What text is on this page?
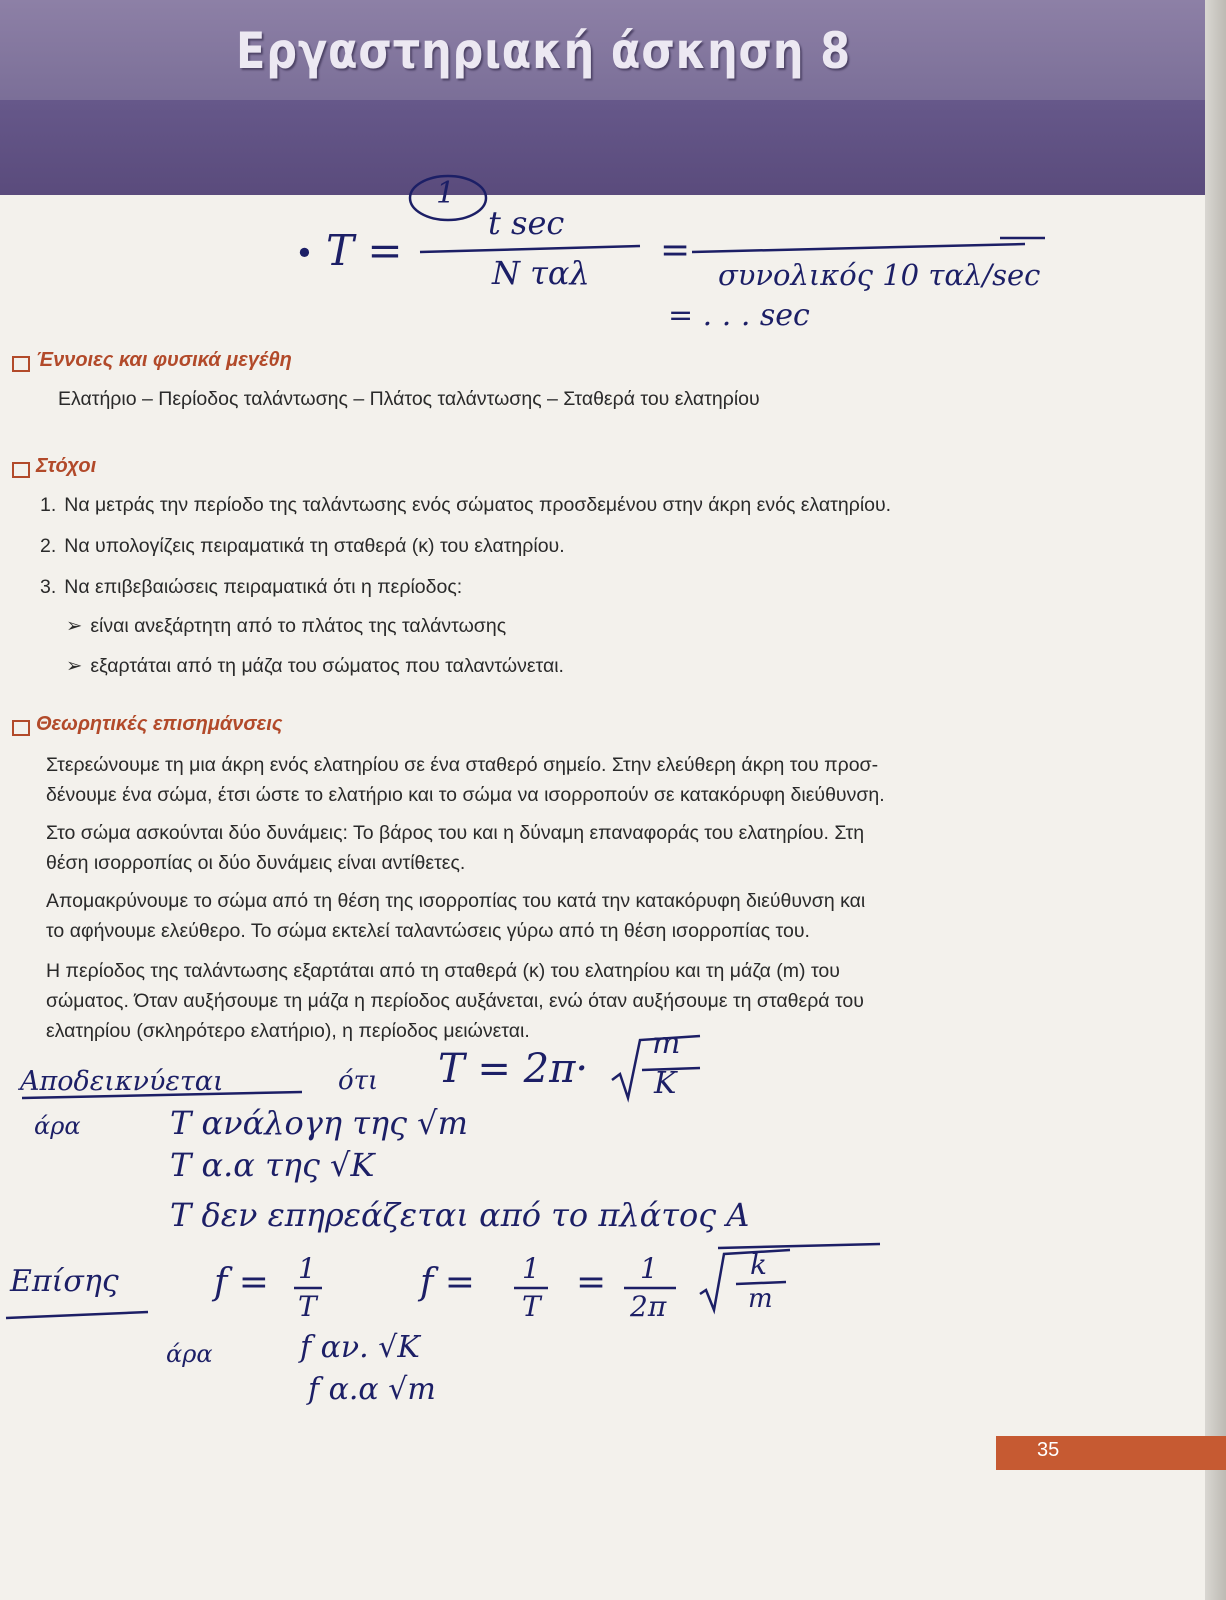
Εργαστηριακή άσκηση 8
1
• T =
t sec
N ταλ
=
συνολικός 10 ταλ/sec
= . . . sec
Έννοιες και φυσικά μεγέθη
Ελατήριο – Περίοδος ταλάντωσης – Πλάτος ταλάντωσης – Σταθερά του ελατηρίου
Στόχοι
1. Να μετράς την περίοδο της ταλάντωσης ενός σώματος προσδεμένου στην άκρη ενός ελατηρίου.
2. Να υπολογίζεις πειραματικά τη σταθερά (κ) του ελατηρίου.
3. Να επιβεβαιώσεις πειραματικά ότι η περίοδος:
➢ είναι ανεξάρτητη από το πλάτος της ταλάντωσης
➢ εξαρτάται από τη μάζα του σώματος που ταλαντώνεται.
Θεωρητικές επισημάνσεις
Στερεώνουμε τη μια άκρη ενός ελατηρίου σε ένα σταθερό σημείο. Στην ελεύθερη άκρη του προσ-
δένουμε ένα σώμα, έτσι ώστε το ελατήριο και το σώμα να ισορροπούν σε κατακόρυφη διεύθυνση.
Στο σώμα ασκούνται δύο δυνάμεις: Το βάρος του και η δύναμη επαναφοράς του ελατηρίου. Στη
θέση ισορροπίας οι δύο δυνάμεις είναι αντίθετες.
Απομακρύνουμε το σώμα από τη θέση της ισορροπίας του κατά την κατακόρυφη διεύθυνση και
το αφήνουμε ελεύθερο. Το σώμα εκτελεί ταλαντώσεις γύρω από τη θέση ισορροπίας του.
Η περίοδος της ταλάντωσης εξαρτάται από τη σταθερά (κ) του ελατηρίου και τη μάζα (m) του
σώματος. Όταν αυξήσουμε τη μάζα η περίοδος αυξάνεται, ενώ όταν αυξήσουμε τη σταθερά του
ελατηρίου (σκληρότερο ελατήριο), η περίοδος μειώνεται.
Αποδεικνύεται	ότι T = 2π·
m
K
άρα	T ανάλογη της √m
T α.α της √K
T δεν επηρεάζεται από το πλάτος A
Επίσης	f = 1
T
f = 1
T
= 1
2π
k
m
άρα	f αν. √K
f α.α √m
35
